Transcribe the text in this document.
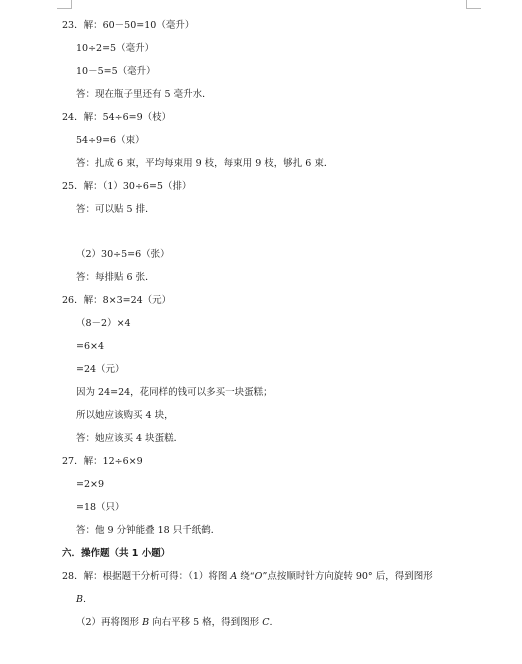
23．解：60－50=10（毫升）
10÷2=5（毫升）
10－5=5（毫升）
答：现在瓶子里还有 5 毫升水．
24．解：54÷6=9（枝）
54÷9=6（束）
答：扎成 6 束，平均每束用 9 枝，每束用 9 枝，够扎 6 束．
25．解：（1）30÷6=5（排）
答：可以贴 5 排．
（2）30÷5=6（张）
答：每排贴 6 张．
26．解：8×3=24（元）
（8－2）×4
=6×4
=24（元）
因为 24=24，花同样的钱可以多买一块蛋糕；
所以她应该购买 4 块，
答：她应该买 4 块蛋糕．
27．解：12÷6×9
=2×9
=18（只）
答：他 9 分钟能叠 18 只千纸鹤．
六．操作题（共 1 小题）
28．解：根据题干分析可得：（1）将图 A 绕“O”点按顺时针方向旋转 90° 后，得到图形
B.
（2）再将图形 B 向右平移 5 格，得到图形 C.
